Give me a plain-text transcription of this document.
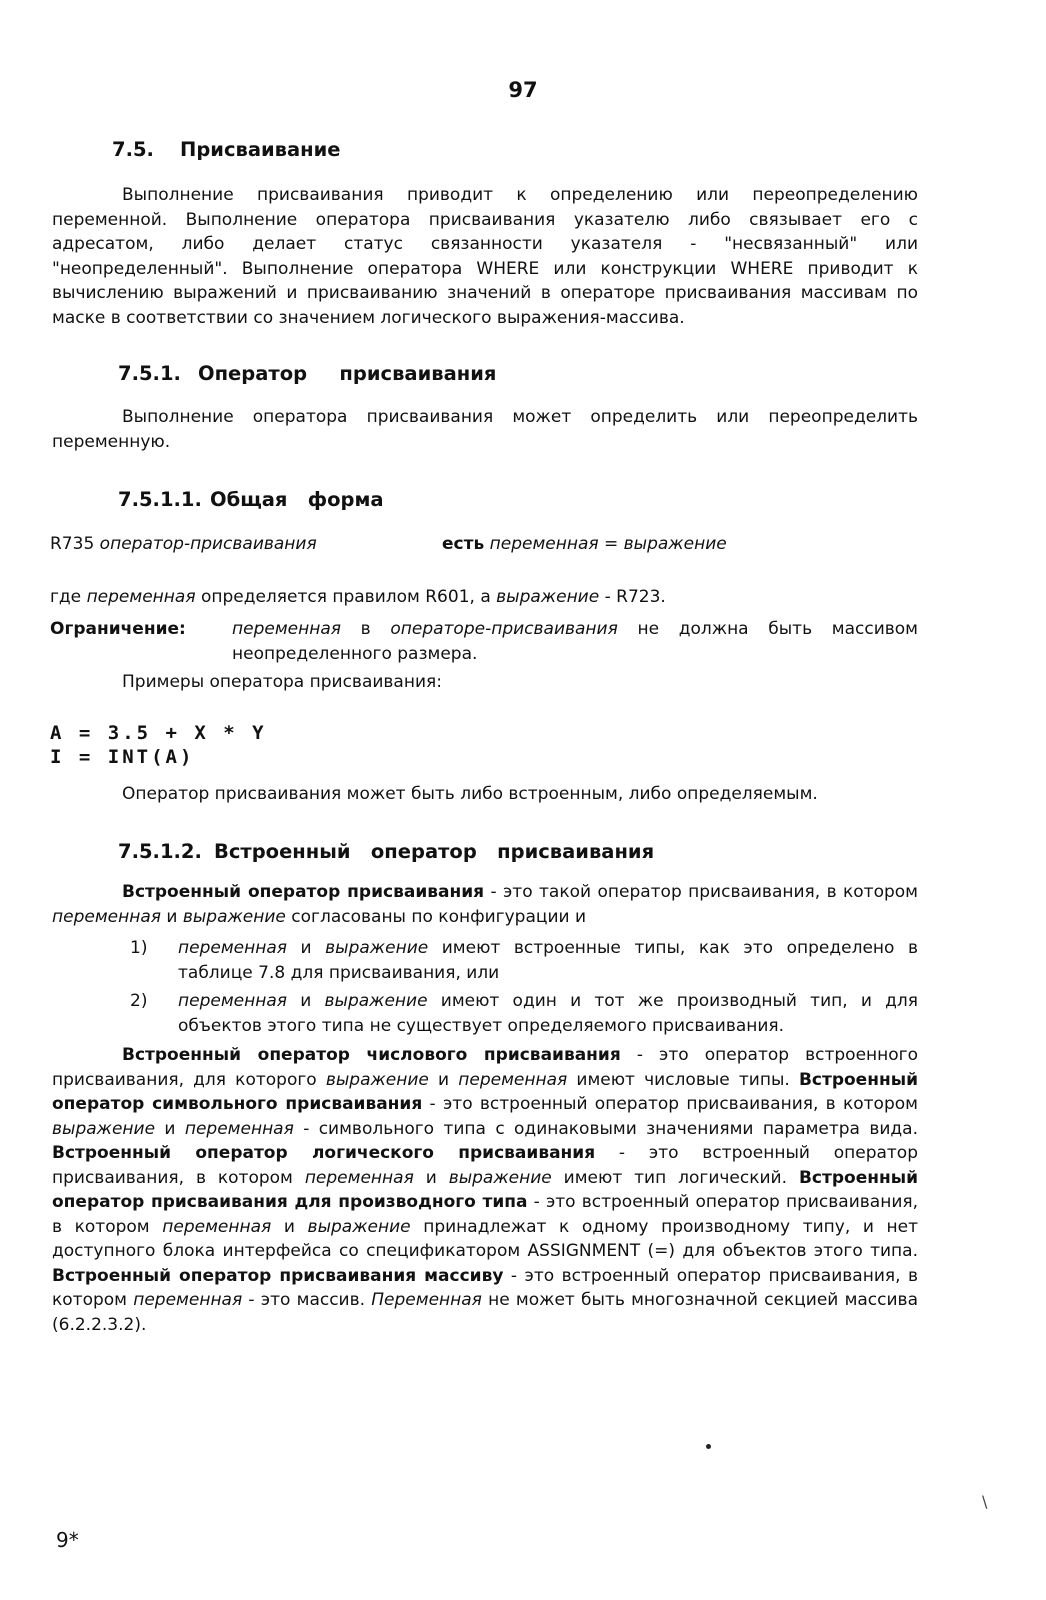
97
7.5. Присваивание

Выполнение присваивания приводит к определению или переопределению переменной. Выполнение оператора присваивания указателю либо связывает его с адресатом, либо делает статус связанности указателя - "несвязанный" или "неопределенный". Выполнение оператора WHERE или конструкции WHERE приводит к вычислению выражений и присваиванию значений в операторе присваивания массивам по маске в соответствии со значением логического выражения-массива.

7.5.1. Оператор   присваивания

Выполнение оператора присваивания может определить или переопределить переменную.

7.5.1.1. Общая   форма
R735 оператор-присваивания	есть переменная = выражение

где переменная определяется правилом R601, а выражение - R723.

Ограничение:	переменная в операторе-присваивания не должна быть массивом неопределенного размера.

Примеры оператора присваивания:
A = 3.5 + X * Y
I = INT(A)
Оператор присваивания может быть либо встроенным, либо определяемым.
7.5.1.2. Встроенный   оператор   присваивания

Встроенный оператор присваивания - это такой оператор присваивания, в котором переменная и выражение согласованы по конфигурации и

1) переменная и выражение имеют встроенные типы, как это определено в таблице 7.8 для присваивания, или

2) переменная и выражение имеют один и тот же производный тип, и для объектов этого типа не существует определяемого присваивания.

Встроенный оператор числового присваивания - это оператор встроенного присваивания, для которого выражение и переменная имеют числовые типы. Встроенный оператор символьного присваивания - это встроенный оператор присваивания, в котором выражение и переменная - символьного типа с одинаковыми значениями параметра вида. Встроенный оператор логического присваивания - это встроенный оператор присваивания, в котором переменная и выражение имеют тип логический. Встроенный оператор присваивания для производного типа - это встроенный оператор присваивания, в котором переменная и выражение принадлежат к одному производному типу, и нет доступного блока интерфейса со спецификатором ASSIGNMENT (=) для объектов этого типа. Встроенный оператор присваивания массиву - это встроенный оператор присваивания, в котором переменная - это массив. Переменная не может быть многозначной секцией массива (6.2.2.3.2).

\
9*
